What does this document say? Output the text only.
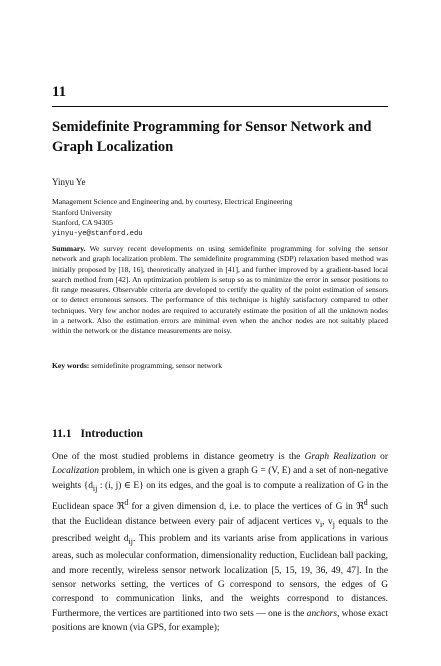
11
Semidefinite Programming for Sensor Network and Graph Localization
Yinyu Ye
Management Science and Engineering and, by courtesy, Electrical Engineering
Stanford University
Stanford, CA 94305
yinyu-ye@stanford.edu
Summary. We survey recent developments on using semidefinite programming for solving the sensor network and graph localization problem. The semidefinite programming (SDP) relaxation based method was initially proposed by [18, 16], theoretically analyzed in [41], and further improved by a gradient-based local search method from [42]. An optimization problem is setup so as to minimize the error in sensor positions to fit range measures. Observable criteria are developed to certify the quality of the point estimation of sensors or to detect erroneous sensors. The performance of this technique is highly satisfactory compared to other techniques. Very few anchor nodes are required to accurately estimate the position of all the unknown nodes in a network. Also the estimation errors are minimal even when the anchor nodes are not suitably placed within the network or the distance measurements are noisy.
Key words: semidefinite programming, sensor network
11.1 Introduction
One of the most studied problems in distance geometry is the Graph Realization or Localization problem, in which one is given a graph G = (V, E) and a set of non-negative weights {$d_{ij}$ : (i, j) ∈ E} on its edges, and the goal is to compute a realization of G in the Euclidean space ℜ$^d$ for a given dimension d, i.e. to place the vertices of G in ℜ$^d$ such that the Euclidean distance between every pair of adjacent vertices $v_i$, $v_j$ equals to the prescribed weight $d_{ij}$. This problem and its variants arise from applications in various areas, such as molecular conformation, dimensionality reduction, Euclidean ball packing, and more recently, wireless sensor network localization [5, 15, 19, 36, 49, 47]. In the sensor networks setting, the vertices of G correspond to sensors, the edges of G correspond to communication links, and the weights correspond to distances. Furthermore, the vertices are partitioned into two sets — one is the anchors, whose exact positions are known (via GPS, for example);
